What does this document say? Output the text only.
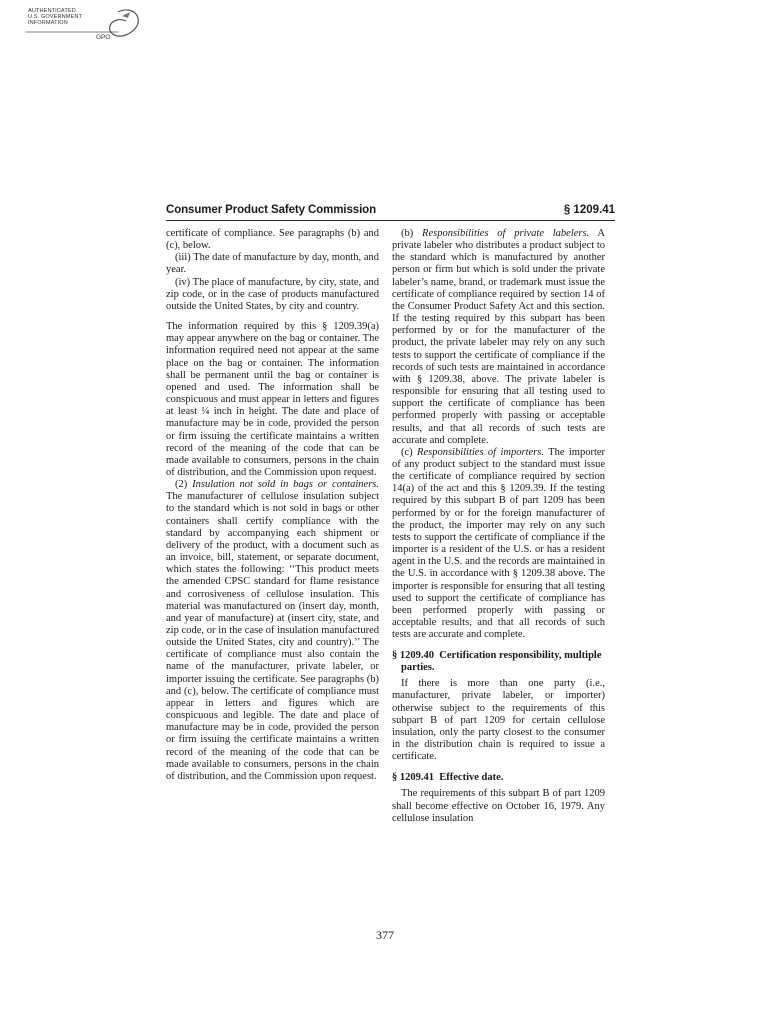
AUTHENTICATED
U.S. GOVERNMENT
INFORMATION
GPO
Consumer Product Safety Commission	§ 1209.41

certificate of compliance. See paragraphs (b) and (c), below.

(iii) The date of manufacture by day, month, and year.

(iv) The place of manufacture, by city, state, and zip code, or in the case of products manufactured outside the United States, by city and country.

The information required by this § 1209.39(a) may appear anywhere on the bag or container. The information required need not appear at the same place on the bag or container. The information shall be permanent until the bag or container is opened and used. The information shall be conspicuous and must appear in letters and figures at least ¼ inch in height. The date and place of manufacture may be in code, provided the person or firm issuing the certificate maintains a written record of the meaning of the code that can be made available to consumers, persons in the chain of distribution, and the Commission upon request.

(2) Insulation not sold in bags or containers. The manufacturer of cellulose insulation subject to the standard which is not sold in bags or other containers shall certify compliance with the standard by accompanying each shipment or delivery of the product, with a document such as an invoice, bill, statement, or separate document, which states the following: ‘‘This product meets the amended CPSC standard for flame resistance and corrosiveness of cellulose insulation. This material was manufactured on (insert day, month, and year of manufacture) at (insert city, state, and zip code, or in the case of insulation manufactured outside the United States, city and country).’’ The certificate of compliance must also contain the name of the manufacturer, private labeler, or importer issuing the certificate. See paragraphs (b) and (c), below. The certificate of compliance must appear in letters and figures which are conspicuous and legible. The date and place of manufacture may be in code, provided the person or firm issuing the certificate maintains a written record of the meaning of the code that can be made available to consumers, persons in the chain of distribution, and the Commission upon request.

(b) Responsibilities of private labelers. A private labeler who distributes a product subject to the standard which is manufactured by another person or firm but which is sold under the private labeler’s name, brand, or trademark must issue the certificate of compliance required by section 14 of the Consumer Product Safety Act and this section. If the testing required by this subpart has been performed by or for the manufacturer of the product, the private labeler may rely on any such tests to support the certificate of compliance if the records of such tests are maintained in accordance with § 1209.38, above. The private labeler is responsible for ensuring that all testing used to support the certificate of compliance has been performed properly with passing or acceptable results, and that all records of such tests are accurate and complete.

(c) Responsibilities of importers. The importer of any product subject to the standard must issue the certificate of compliance required by section 14(a) of the act and this § 1209.39. If the testing required by this subpart B of part 1209 has been performed by or for the foreign manufacturer of the product, the importer may rely on any such tests to support the certificate of compliance if the importer is a resident of the U.S. or has a resident agent in the U.S. and the records are maintained in the U.S. in accordance with § 1209.38 above. The importer is responsible for ensuring that all testing used to support the certificate of compliance has been performed properly with passing or acceptable results, and that all records of such tests are accurate and complete.

§ 1209.40 Certification responsibility, multiple parties.

If there is more than one party (i.e., manufacturer, private labeler, or importer) otherwise subject to the requirements of this subpart B of part 1209 for certain cellulose insulation, only the party closest to the consumer in the distribution chain is required to issue a certificate.

§ 1209.41 Effective date.

The requirements of this subpart B of part 1209 shall become effective on October 16, 1979. Any cellulose insulation

377
